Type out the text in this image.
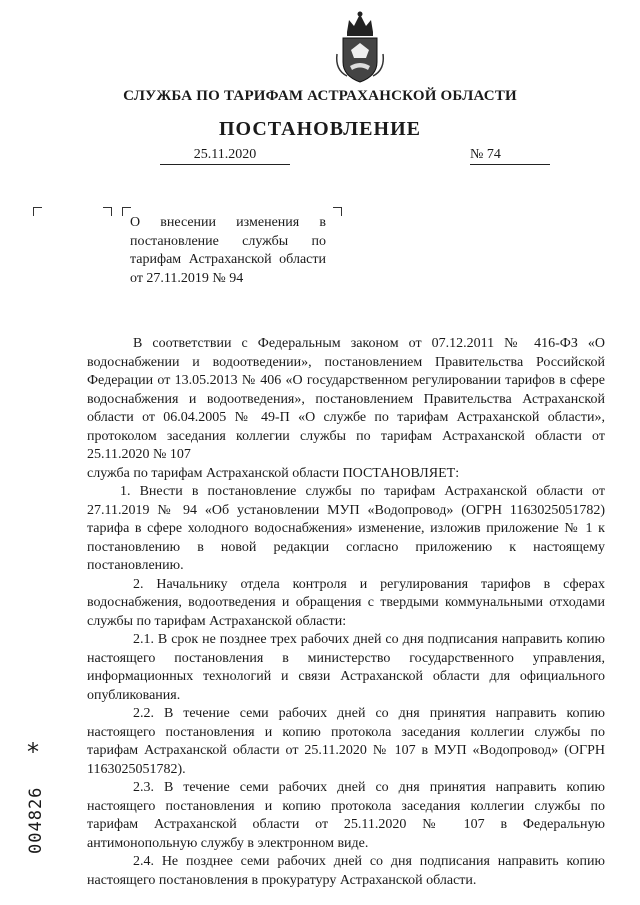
СЛУЖБА ПО ТАРИФАМ АСТРАХАНСКОЙ ОБЛАСТИ
ПОСТАНОВЛЕНИЕ
25.11.2020	№ 74
О внесении изменения в постановление службы по тарифам Астраханской области от 27.11.2019 № 94

В соответствии с Федеральным законом от 07.12.2011 № 416-ФЗ «О водоснабжении и водоотведении», постановлением Правительства Российской Федерации от 13.05.2013 № 406 «О государственном регулировании тарифов в сфере водоснабжения и водоотведения», постановлением Правительства Астраханской области от 06.04.2005 № 49-П «О службе по тарифам Астраханской области», протоколом заседания коллегии службы по тарифам Астраханской области от 25.11.2020 № 107

служба по тарифам Астраханской области ПОСТАНОВЛЯЕТ:

1. Внести в постановление службы по тарифам Астраханской области от 27.11.2019 № 94 «Об установлении МУП «Водопровод» (ОГРН 1163025051782) тарифа в сфере холодного водоснабжения» изменение, изложив приложение № 1 к постановлению в новой редакции согласно приложению к настоящему постановлению.

2. Начальнику отдела контроля и регулирования тарифов в сферах водоснабжения, водоотведения и обращения с твердыми коммунальными отходами службы по тарифам Астраханской области:

2.1. В срок не позднее трех рабочих дней со дня подписания направить копию настоящего постановления в министерство государственного управления, информационных технологий и связи Астраханской области для официального опубликования.

2.2. В течение семи рабочих дней со дня принятия направить копию настоящего постановления и копию протокола заседания коллегии службы по тарифам Астраханской области от 25.11.2020 № 107 в МУП «Водопровод» (ОГРН 1163025051782).

2.3. В течение семи рабочих дней со дня принятия направить копию настоящего постановления и копию протокола заседания коллегии службы по тарифам Астраханской области от 25.11.2020 № 107 в Федеральную антимонопольную службу в электронном виде.

2.4. Не позднее семи рабочих дней со дня подписания направить копию настоящего постановления в прокуратуру Астраханской области.

*
004826
